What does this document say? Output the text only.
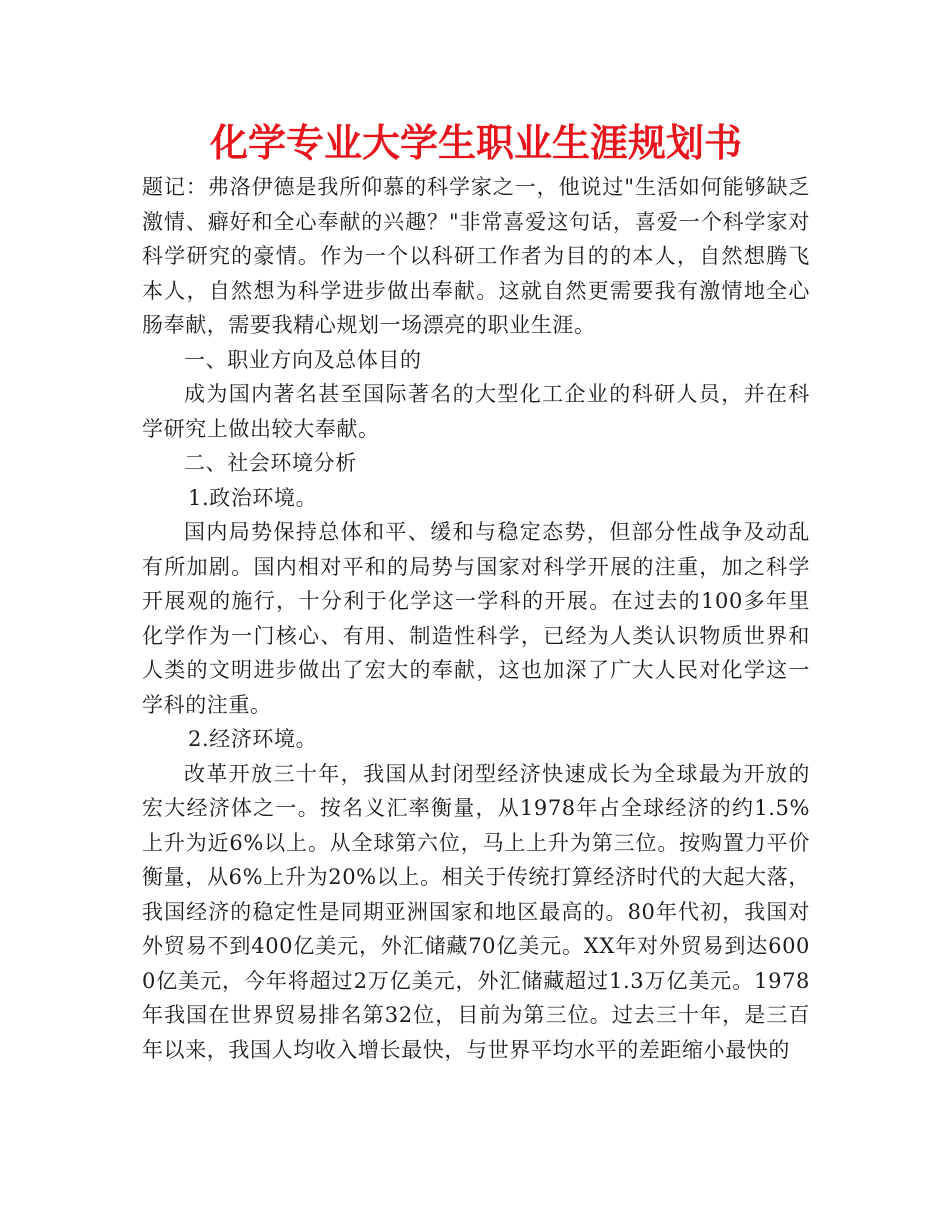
化学专业大学生职业生涯规划书

题记：弗洛伊德是我所仰慕的科学家之一，他说过"生活如何能够缺乏激情、癖好和全心奉献的兴趣？"非常喜爱这句话，喜爱一个科学家对科学研究的豪情。作为一个以科研工作者为目的的本人，自然想腾飞本人，自然想为科学进步做出奉献。这就自然更需要我有激情地全心肠奉献，需要我精心规划一场漂亮的职业生涯。

一、职业方向及总体目的

成为国内著名甚至国际著名的大型化工企业的科研人员，并在科学研究上做出较大奉献。

二、社会环境分析

1.政治环境。

国内局势保持总体和平、缓和与稳定态势，但部分性战争及动乱有所加剧。国内相对平和的局势与国家对科学开展的注重，加之科学开展观的施行，十分利于化学这一学科的开展。在过去的100多年里化学作为一门核心、有用、制造性科学，已经为人类认识物质世界和人类的文明进步做出了宏大的奉献，这也加深了广大人民对化学这一学科的注重。

2.经济环境。

改革开放三十年，我国从封闭型经济快速成长为全球最为开放的宏大经济体之一。按名义汇率衡量，从1978年占全球经济的约1.5%上升为近6%以上。从全球第六位，马上上升为第三位。按购置力平价衡量，从6%上升为20%以上。相关于传统打算经济时代的大起大落，我国经济的稳定性是同期亚洲国家和地区最高的。80年代初，我国对外贸易不到400亿美元，外汇储藏70亿美元。XX年对外贸易到达6000亿美元，今年将超过2万亿美元，外汇储藏超过1.3万亿美元。1978年我国在世界贸易排名第32位，目前为第三位。过去三十年，是三百年以来，我国人均收入增长最快，与世界平均水平的差距缩小最快的
